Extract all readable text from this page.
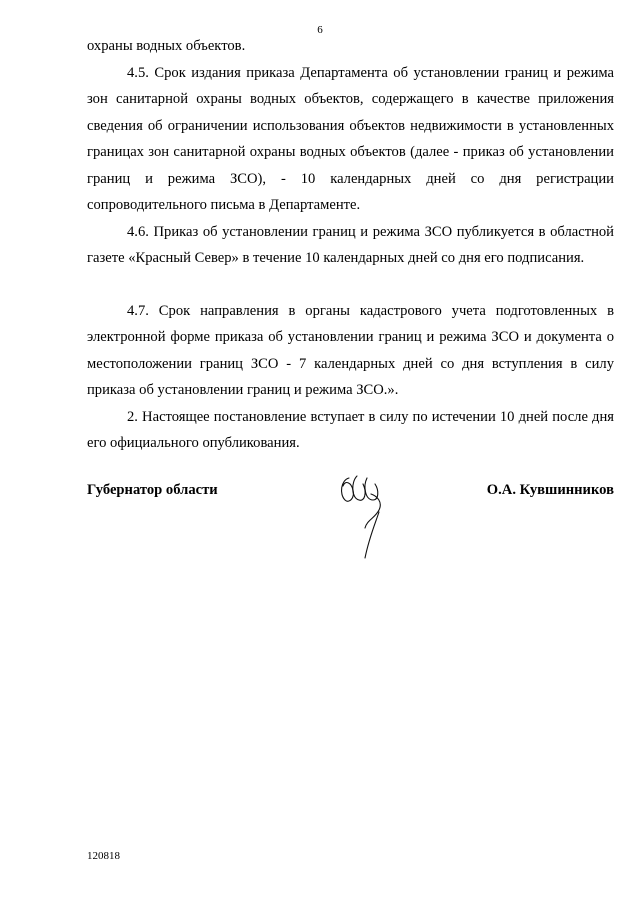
6

охраны водных объектов.

4.5. Срок издания приказа Департамента об установлении границ и режима зон санитарной охраны водных объектов, содержащего в качестве приложения сведения об ограничении использования объектов недвижимости в установленных границах зон санитарной охраны водных объектов (далее - приказ об установлении границ и режима ЗСО), - 10 календарных дней со дня регистрации сопроводительного письма в Департаменте.

4.6. Приказ об установлении границ и режима ЗСО публикуется в областной газете «Красный Север» в течение 10 календарных дней со дня его подписания.

4.7. Срок направления в органы кадастрового учета подготовленных в электронной форме приказа об установлении границ и режима ЗСО и документа о местоположении границ ЗСО - 7 календарных дней со дня вступления в силу приказа об установлении границ и режима ЗСО.».

2. Настоящее постановление вступает в силу по истечении 10 дней после дня его официального опубликования.

Губернатор области	О.А. Кувшинников
120818
